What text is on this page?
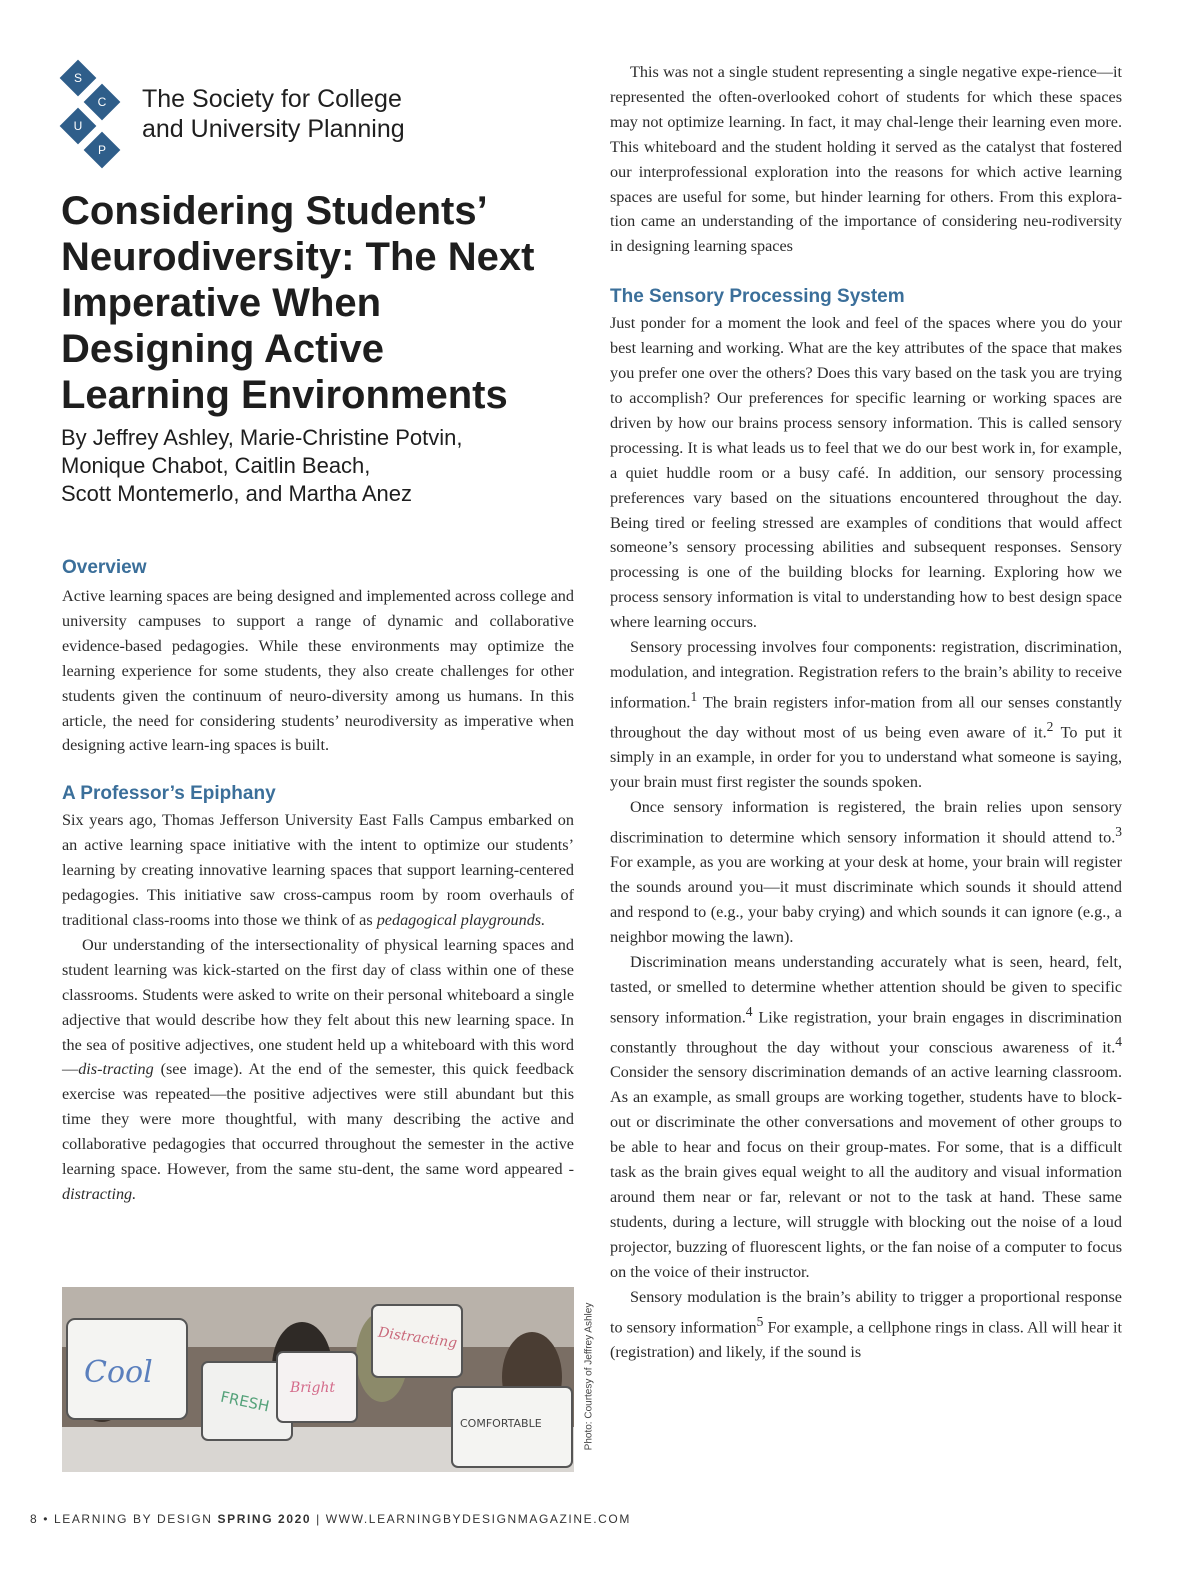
S
C
U
P
The Society for College
and University Planning
Considering Students’ Neurodiversity: The Next Imperative When Designing Active Learning Environments
By Jeffrey Ashley, Marie-Christine Potvin,
Monique Chabot, Caitlin Beach,
Scott Montemerlo, and Martha Anez
Overview

Active learning spaces are being designed and implemented across college and university campuses to support a range of dynamic and collaborative evidence-based pedagogies. While these environments may optimize the learning experience for some students, they also create challenges for other students given the continuum of neuro-diversity among us humans. In this article, the need for considering students’ neurodiversity as imperative when designing active learn-ing spaces is built.

A Professor’s Epiphany

Six years ago, Thomas Jefferson University East Falls Campus embarked on an active learning space initiative with the intent to optimize our students’ learning by creating innovative learning spaces that support learning-centered pedagogies. This initiative saw cross-campus room by room overhauls of traditional class-rooms into those we think of as pedagogical playgrounds.

Our understanding of the intersectionality of physical learning spaces and student learning was kick-started on the first day of class within one of these classrooms. Students were asked to write on their personal whiteboard a single adjective that would describe how they felt about this new learning space. In the sea of positive adjectives, one student held up a whiteboard with this word—dis-tracting (see image). At the end of the semester, this quick feedback exercise was repeated—the positive adjectives were still abundant but this time they were more thoughtful, with many describing the active and collaborative pedagogies that occurred throughout the semester in the active learning space. However, from the same stu-dent, the same word appeared - distracting.

Cool
FRESH Bright
Distracting
COMFORTABLE	Photo: Courtesy of Jeffrey Ashley

This was not a single student representing a single negative expe-rience—it represented the often-overlooked cohort of students for which these spaces may not optimize learning. In fact, it may chal-lenge their learning even more. This whiteboard and the student holding it served as the catalyst that fostered our interprofessional exploration into the reasons for which active learning spaces are useful for some, but hinder learning for others. From this explora-tion came an understanding of the importance of considering neu-rodiversity in designing learning spaces

The Sensory Processing System

Just ponder for a moment the look and feel of the spaces where you do your best learning and working. What are the key attributes of the space that makes you prefer one over the others? Does this vary based on the task you are trying to accomplish? Our preferences for specific learning or working spaces are driven by how our brains process sensory information. This is called sensory processing. It is what leads us to feel that we do our best work in, for example, a quiet huddle room or a busy café. In addition, our sensory processing preferences vary based on the situations encountered throughout the day. Being tired or feeling stressed are examples of conditions that would affect someone’s sensory processing abilities and subsequent responses. Sensory processing is one of the building blocks for learning. Exploring how we process sensory information is vital to understanding how to best design space where learning occurs.

Sensory processing involves four components: registration, discrimination, modulation, and integration. Registration refers to the brain’s ability to receive information.$^1$ The brain registers infor-mation from all our senses constantly throughout the day without most of us being even aware of it.$^2$ To put it simply in an example, in order for you to understand what someone is saying, your brain must first register the sounds spoken.

Once sensory information is registered, the brain relies upon sensory discrimination to determine which sensory information it should attend to.$^3$ For example, as you are working at your desk at home, your brain will register the sounds around you—it must discriminate which sounds it should attend and respond to (e.g., your baby crying) and which sounds it can ignore (e.g., a neighbor mowing the lawn).

Discrimination means understanding accurately what is seen, heard, felt, tasted, or smelled to determine whether attention should be given to specific sensory information.$^4$ Like registration, your brain engages in discrimination constantly throughout the day without your conscious awareness of it.$^4$ Consider the sensory discrimination demands of an active learning classroom. As an example, as small groups are working together, students have to block-out or discriminate the other conversations and movement of other groups to be able to hear and focus on their group-mates. For some, that is a difficult task as the brain gives equal weight to all the auditory and visual information around them near or far, relevant or not to the task at hand. These same students, during a lecture, will struggle with blocking out the noise of a loud projector, buzzing of fluorescent lights, or the fan noise of a computer to focus on the voice of their instructor.

Sensory modulation is the brain’s ability to trigger a proportional response to sensory information$^5$ For example, a cellphone rings in class. All will hear it (registration) and likely, if the sound is

8 • LEARNING BY DESIGN SPRING 2020 | WWW.LEARNINGBYDESIGNMAGAZINE.COM
